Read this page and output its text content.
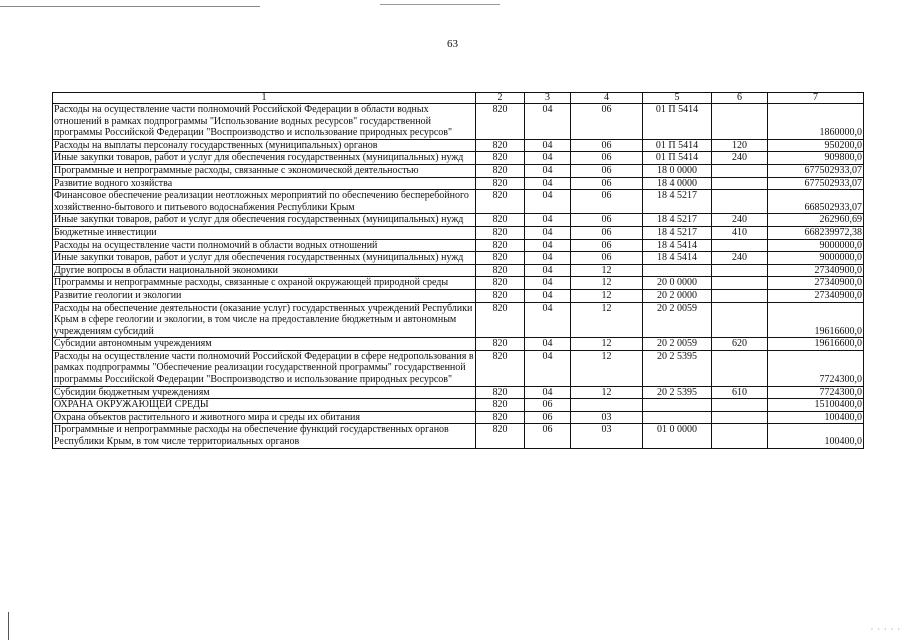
63
1	2	3	4	5	6	7
Расходы на осуществление части полномочий Российской Федерации в области водных отношений в рамках подпрограммы "Использование водных ресурсов" государственной программы Российской Федерации "Воспроизводство и использование природных ресурсов"	820	04	06	01 П 5414		1860000,0
Расходы на выплаты персоналу государственных (муниципальных) органов	820	04	06	01 П 5414	120	950200,0
Иные закупки товаров, работ и услуг для обеспечения государственных (муниципальных) нужд	820	04	06	01 П 5414	240	909800,0
Программные и непрограммные расходы, связанные с экономической деятельностью	820	04	06	18 0 0000		677502933,07
Развитие водного хозяйства	820	04	06	18 4 0000		677502933,07
Финансовое обеспечение реализации неотложных мероприятий по обеспечению бесперебойного хозяйственно-бытового и питьевого водоснабжения Республики Крым	820	04	06	18 4 5217		668502933,07
Иные закупки товаров, работ и услуг для обеспечения государственных (муниципальных) нужд	820	04	06	18 4 5217	240	262960,69
Бюджетные инвестиции	820	04	06	18 4 5217	410	668239972,38
Расходы на осуществление части полномочий в области водных отношений	820	04	06	18 4 5414		9000000,0
Иные закупки товаров, работ и услуг для обеспечения государственных (муниципальных) нужд	820	04	06	18 4 5414	240	9000000,0
Другие вопросы в области национальной экономики	820	04	12			27340900,0
Программы и непрограммные расходы, связанные с охраной окружающей природной среды	820	04	12	20 0 0000		27340900,0
Развитие геологии и экологии	820	04	12	20 2 0000		27340900,0
Расходы на обеспечение деятельности (оказание услуг) государственных учреждений Республики Крым в сфере геологии и экологии, в том числе на предоставление бюджетным и автономным учреждениям субсидий	820	04	12	20 2 0059		19616600,0
Субсидии автономным учреждениям	820	04	12	20 2 0059	620	19616600,0
Расходы на осуществление части полномочий Российской Федерации в сфере недропользования в рамках подпрограммы "Обеспечение реализации государственной программы" государственной программы Российской Федерации "Воспроизводство и использование природных ресурсов"	820	04	12	20 2 5395		7724300,0
Субсидии бюджетным учреждениям	820	04	12	20 2 5395	610	7724300,0
ОХРАНА ОКРУЖАЮЩЕЙ СРЕДЫ	820	06				15100400,0
Охрана объектов растительного и животного мира и среды их обитания	820	06	03			100400,0
Программные и непрограммные расходы на обеспечение функций государственных органов Республики Крым, в том числе территориальных органов	820	06	03	01 0 0000		100400,0
· · · · ·
